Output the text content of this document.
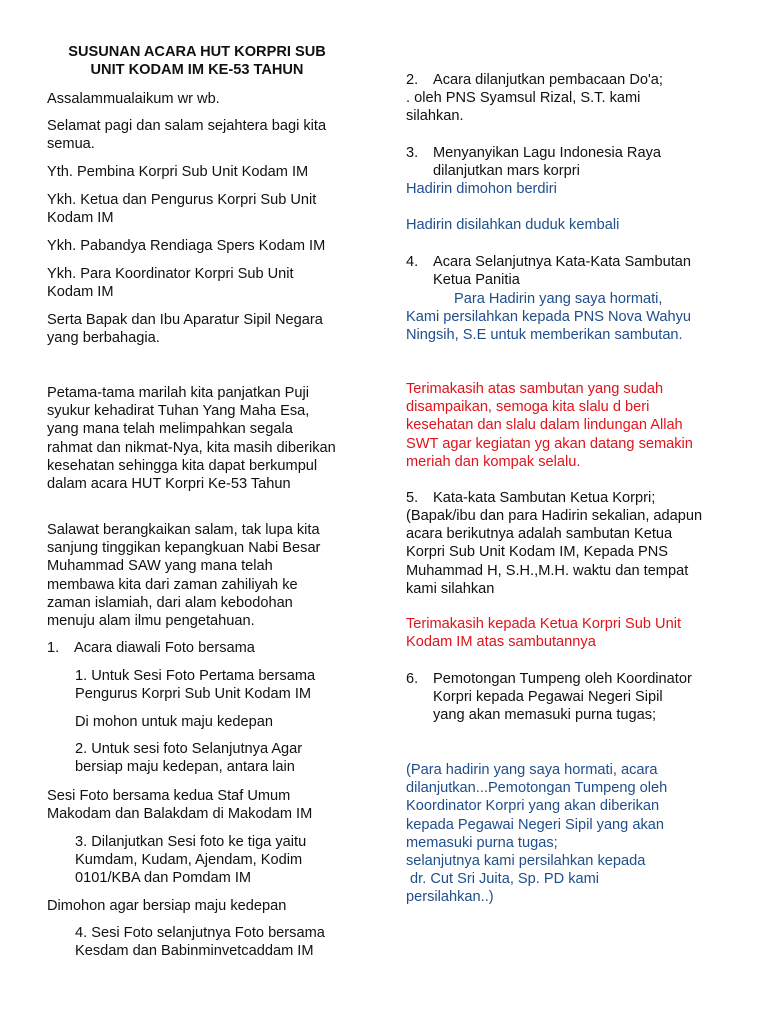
SUSUNAN ACARA HUT KORPRI SUB
UNIT KODAM IM KE-53 TAHUN

Assalammualaikum wr wb.

Selamat pagi dan salam sejahtera bagi kita semua.

Yth. Pembina Korpri Sub Unit Kodam IM

Ykh. Ketua dan Pengurus Korpri Sub Unit Kodam IM

Ykh. Pabandya Rendiaga Spers Kodam IM

Ykh. Para Koordinator Korpri Sub Unit Kodam IM

Serta Bapak dan Ibu Aparatur Sipil Negara yang berbahagia.

Petama-tama marilah kita panjatkan Puji syukur kehadirat Tuhan Yang Maha Esa, yang mana telah melimpahkan segala rahmat dan nikmat-Nya, kita masih diberikan kesehatan sehingga kita dapat berkumpul dalam acara HUT Korpri Ke-53 Tahun

Salawat berangkaikan salam, tak lupa kita sanjung tinggikan kepangkuan Nabi Besar Muhammad SAW yang mana telah membawa kita dari zaman zahiliyah ke zaman islamiah, dari alam kebodohan menuju alam ilmu pengetahuan.

1. Acara diawali Foto bersama

1. Untuk Sesi Foto Pertama bersama Pengurus Korpri Sub Unit Kodam IM

Di mohon untuk maju kedepan

2. Untuk sesi foto Selanjutnya Agar bersiap maju kedepan, antara lain

Sesi Foto bersama kedua Staf Umum Makodam dan Balakdam di Makodam IM

3. Dilanjutkan Sesi foto ke tiga yaitu Kumdam, Kudam, Ajendam, Kodim 0101/KBA dan Pomdam IM

Dimohon agar bersiap maju kedepan

4. Sesi Foto selanjutnya Foto bersama Kesdam dan Babinminvetcaddam IM

2. Acara dilanjutkan pembacaan Do'a;

. oleh PNS Syamsul Rizal, S.T. kami silahkan.

3. Menyanyikan Lagu Indonesia Raya dilanjutkan mars korpri

Hadirin dimohon berdiri

Hadirin disilahkan duduk kembali

4. Acara Selanjutnya Kata-Kata Sambutan Ketua Panitia

Para Hadirin yang saya hormati, Kami persilahkan kepada PNS Nova Wahyu Ningsih, S.E untuk memberikan sambutan.

Terimakasih atas sambutan yang sudah disampaikan, semoga kita slalu d beri kesehatan dan slalu dalam lindungan Allah SWT agar kegiatan yg akan datang semakin meriah dan kompak selalu.

5. Kata-kata Sambutan Ketua Korpri;

(Bapak/ibu dan para Hadirin sekalian, adapun acara berikutnya adalah sambutan Ketua Korpri Sub Unit Kodam IM, Kepada PNS Muhammad H, S.H.,M.H. waktu dan tempat kami silahkan

Terimakasih kepada Ketua Korpri Sub Unit Kodam IM atas sambutannya

6. Pemotongan Tumpeng oleh Koordinator Korpri kepada Pegawai Negeri Sipil yang akan memasuki purna tugas;
(Para hadirin yang saya hormati, acara
dilanjutkan...Pemotongan Tumpeng oleh
Koordinator Korpri yang akan diberikan
kepada Pegawai Negeri Sipil yang akan
memasuki purna tugas;
selanjutnya kami persilahkan kepada
dr. Cut Sri Juita, Sp. PD kami
persilahkan..)
